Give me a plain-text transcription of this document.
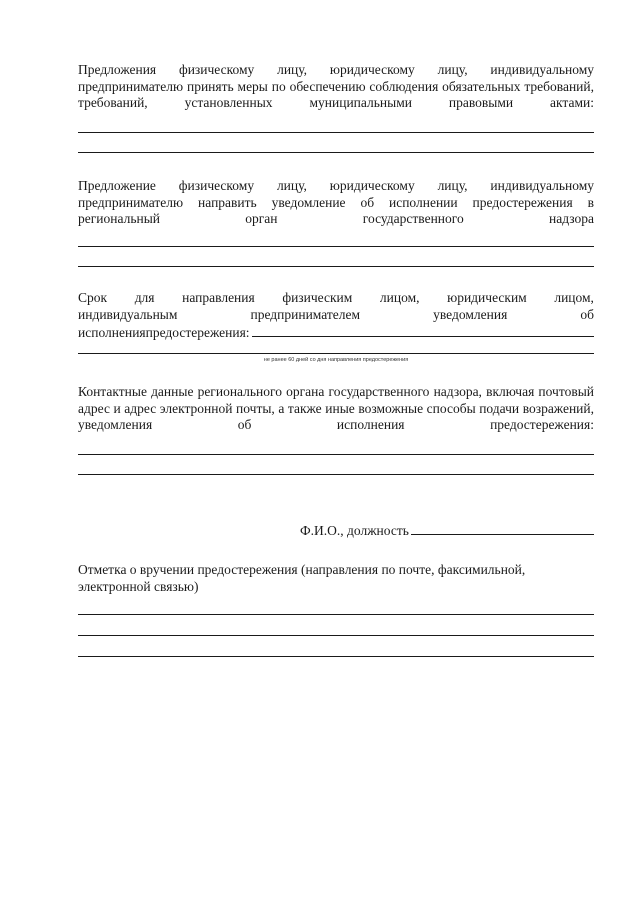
Предложения физическому лицу, юридическому лицу, индивидуальному предпринимателю принять меры по обеспечению соблюдения обязательных требований, требований, установленных муниципальными правовыми актами:

Предложение физическому лицу, юридическому лицу, индивидуальному предпринимателю направить уведомление об исполнении предостережения в региональный орган государственного надзора

Срок для направления физическим лицом, юридическим лицом,
индивидуальным	предпринимателем	уведомления	об
исполненияпредостережения:
не ранее 60 дней со дня направления предостережения

Контактные данные регионального органа государственного надзора, включая почтовый адрес и адрес электронной почты, а также иные возможные способы подачи возражений, уведомления об исполнения предостережения:

Ф.И.О., должность

Отметка о вручении предостережения (направления по почте, факсимильной, электронной связью)
